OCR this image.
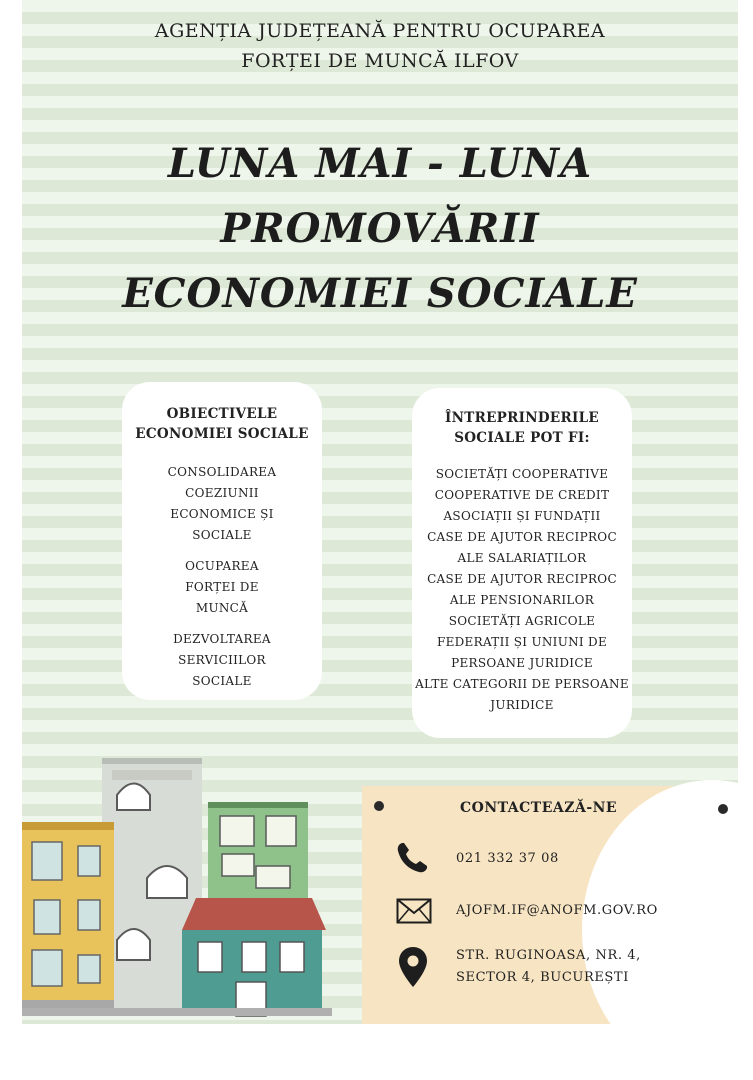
AGENȚIA JUDEȚEANĂ PENTRU OCUPAREA
FORȚEI DE MUNCĂ ILFOV
LUNA MAI - LUNA
PROMOVĂRII
ECONOMIEI SOCIALE
OBIECTIVELE
ECONOMIEI SOCIALE
CONSOLIDAREA
COEZIUNII
ECONOMICE ȘI
SOCIALE
OCUPAREA
FORȚEI DE
MUNCĂ
DEZVOLTAREA
SERVICIILOR
SOCIALE
ÎNTREPRINDERILE
SOCIALE POT FI:
SOCIETĂȚI COOPERATIVE
COOPERATIVE DE CREDIT
ASOCIAȚII ȘI FUNDAȚII
CASE DE AJUTOR RECIPROC
ALE SALARIAȚILOR
CASE DE AJUTOR RECIPROC
ALE PENSIONARILOR
SOCIETĂȚI AGRICOLE
FEDERAȚII ȘI UNIUNI DE
PERSOANE JURIDICE
ALTE CATEGORII DE PERSOANE
JURIDICE
CONTACTEAZĂ-NE
021 332 37 08
AJOFM.IF@ANOFM.GOV.RO
STR. RUGINOASA, NR. 4,
SECTOR 4, BUCUREȘTI
